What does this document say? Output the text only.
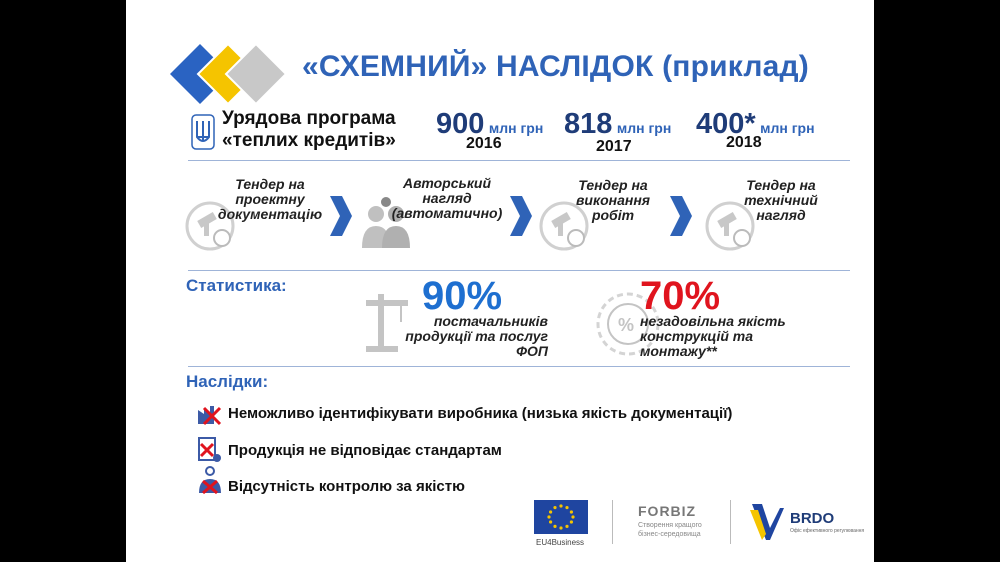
«СХЕМНИЙ» НАСЛІДОК (приклад)
Урядова програма
«теплих кредитів»
900 млн грн
2016
818 млн грн
2017
400* млн грн
2018
Тендер на
проектну
документацію
Авторський
нагляд
(автоматично)
Тендер на
виконання
робіт
Тендер на
технічний
нагляд
Статистика:	90%
постачальників
продукції та послуг
ФОП
%
70%
незадовільна якість
конструкцій та
монтажу**
Наслідки:
Неможливо ідентифікувати виробника (низька якість документації)
Продукція не відповідає стандартам
Відсутність контролю за якістю
EU4Business
FORBIZ
Створення кращого
бізнес-середовища
BRDO
Офіс ефективного регулювання
